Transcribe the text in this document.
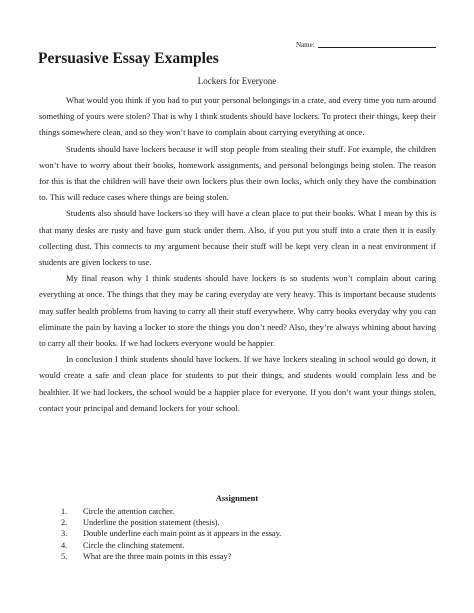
Name:
Persuasive Essay Examples
Lockers for Everyone

What would you think if you had to put your personal belongings in a crate, and every time you turn around something of yours were stolen? That is why I think students should have lockers. To protect their things, keep their things somewhere clean, and so they won’t have to complain about carrying everything at once.

Students should have lockers because it will stop people from stealing their stuff. For example, the children won’t have to worry about their books, homework assignments, and personal belongings being stolen. The reason for this is that the children will have their own lockers plus their own locks, which only they have the combination to. This will reduce cases where things are being stolen.

Students also should have lockers so they will have a clean place to put their books. What I mean by this is that many desks are rusty and have gum stuck under them. Also, if you put you stuff into a crate then it is easily collecting dust. This connects to my argument because their stuff will be kept very clean in a neat environment if students are given lockers to use.

My final reason why I think students should have lockers is so students won’t complain about caring everything at once. The things that they may be caring everyday are very heavy. This is important because students may suffer health problems from having to carry all their stuff everywhere. Why carry books everyday why you can eliminate the pain by having a locker to store the things you don’t need? Also, they’re always whining about having to carry all their books. If we had lockers everyone would be happier.

In conclusion I think students should have lockers. If we have lockers stealing in school would go down, it would create a safe and clean place for students to put their things, and students would complain less and be healthier. If we had lockers, the school would be a happier place for everyone. If you don’t want your things stolen, contact your principal and demand lockers for your school.

Assignment
1.	Circle the attention catcher.
2.	Underline the position statement (thesis).
3.	Double underline each main point as it appears in the essay.
4.	Circle the clinching statement.
5.	What are the three main points in this essay?
